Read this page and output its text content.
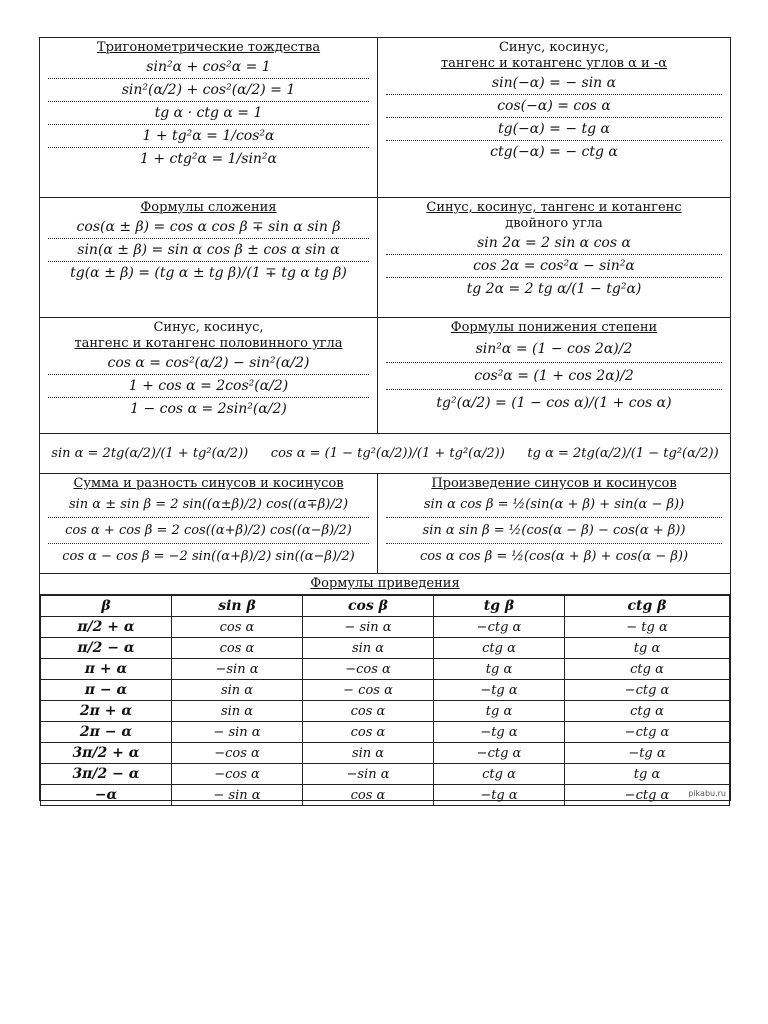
Тригонометрические тождества
sin²α + cos²α = 1
sin²(α/2) + cos²(α/2) = 1
tg α · ctg α = 1
1 + tg²α = 1/cos²α
1 + ctg²α = 1/sin²α
Синус, косинус,
тангенс и котангенс углов α и -α
sin(−α) = − sin α
cos(−α) = cos α
tg(−α) = − tg α
ctg(−α) = − ctg α
Формулы сложения
cos(α ± β) = cos α cos β ∓ sin α sin β
sin(α ± β) = sin α cos β ± cos α sin α
tg(α ± β) = (tg α ± tg β)/(1 ∓ tg α tg β)
Синус, косинус, тангенс и котангенс
двойного угла
sin 2α = 2 sin α cos α
cos 2α = cos²α − sin²α
tg 2α = 2 tg α/(1 − tg²α)
Синус, косинус,
тангенс и котангенс половинного угла
cos α = cos²(α/2) − sin²(α/2)
1 + cos α = 2cos²(α/2)
1 − cos α = 2sin²(α/2)
Формулы понижения степени
sin²α = (1 − cos 2α)/2
cos²α = (1 + cos 2α)/2
tg²(α/2) = (1 − cos α)/(1 + cos α)
sin α = 2tg(α/2)/(1 + tg²(α/2)) cos α = (1 − tg²(α/2))/(1 + tg²(α/2)) tg α = 2tg(α/2)/(1 − tg²(α/2))
Сумма и разность синусов и косинусов
sin α ± sin β = 2 sin((α±β)/2) cos((α∓β)/2)
cos α + cos β = 2 cos((α+β)/2) cos((α−β)/2)
cos α − cos β = −2 sin((α+β)/2) sin((α−β)/2)
Произведение синусов и косинусов
sin α cos β = ½(sin(α + β) + sin(α − β))
sin α sin β = ½(cos(α − β) − cos(α + β))
cos α cos β = ½(cos(α + β) + cos(α − β))
Формулы приведения
β	sin β	cos β	tg β	ctg β
π/2 + α	cos α	− sin α	−ctg α	− tg α
π/2 − α	cos α	sin α	ctg α	tg α
π + α	−sin α	−cos α	tg α	ctg α
π − α	sin α	− cos α	−tg α	−ctg α
2π + α	sin α	cos α	tg α	ctg α
2π − α	− sin α	cos α	−tg α	−ctg α
3π/2 + α	−cos α	sin α	−ctg α	−tg α
3π/2 − α	−cos α	−sin α	ctg α	tg α
−α	− sin α	cos α	−tg α	−ctg α pikabu.ru
